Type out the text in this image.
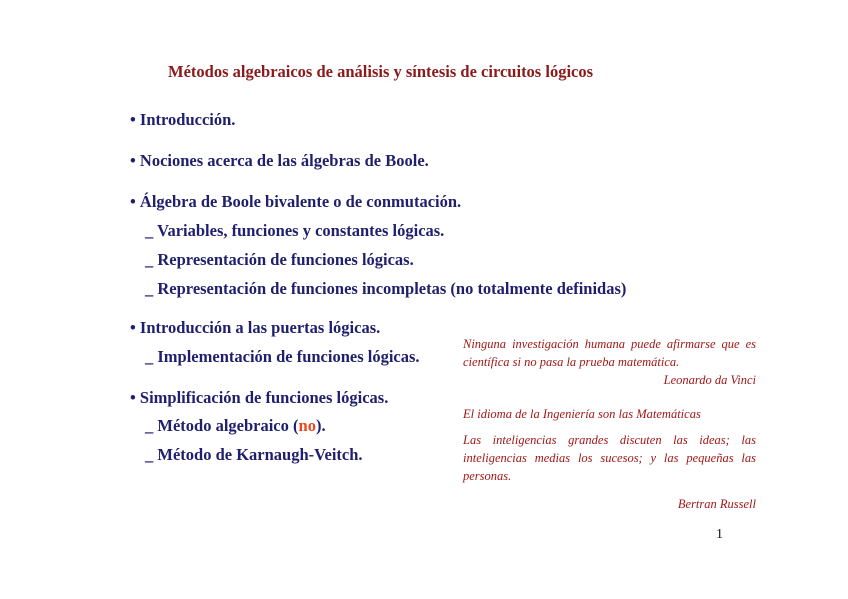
Métodos algebraicos de análisis y síntesis de circuitos lógicos
• Introducción.
• Nociones acerca de las álgebras de Boole.
• Álgebra de Boole bivalente o de conmutación.
_ Variables, funciones y constantes lógicas.
_ Representación de funciones lógicas.
_ Representación de funciones incompletas (no totalmente definidas)
• Introducción a las puertas lógicas.
_ Implementación de funciones lógicas.
• Simplificación de funciones lógicas.
_ Método algebraico (no).
_ Método de Karnaugh-Veitch.
Ninguna investigación humana puede afirmarse que es científica si no pasa la prueba matemática.
Leonardo da Vinci
El idioma de la Ingeniería son las Matemáticas
Las inteligencias grandes discuten las ideas; las inteligencias medias los sucesos; y las pequeñas las personas.
Bertran Russell
1
